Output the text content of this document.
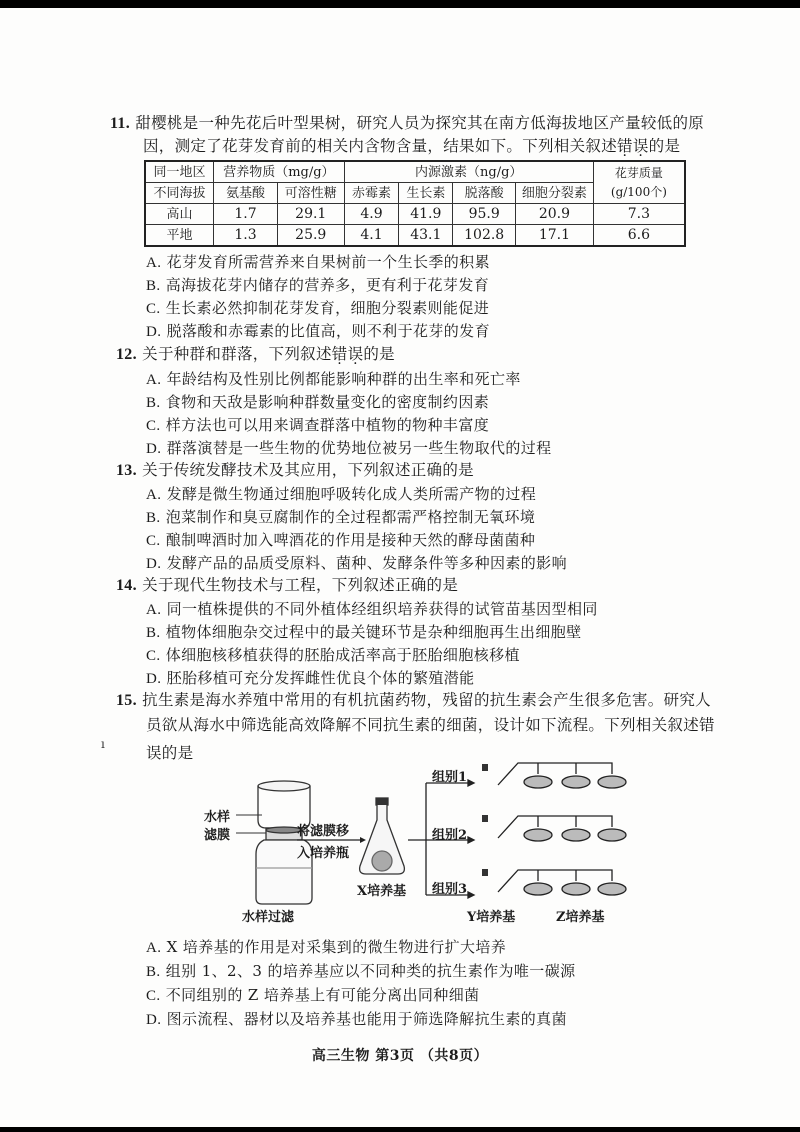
11. 甜樱桃是一种先花后叶型果树，研究人员为探究其在南方低海拔地区产量较低的原
因，测定了花芽发育前的相关内含物含量，结果如下。下列相关叙述错误的是
同一地区	营养物质（mg/g）		内源激素（ng/g）				花芽质量
(g/100个)

不同海拔	氨基酸	可溶性糖	赤霉素	生长素	脱落酸	细胞分裂素	
高山	1.7	29.1	4.9	41.9	95.9	20.9	7.3
平地	1.3	25.9	4.1	43.1	102.8	17.1	6.6
A. 花芽发育所需营养来自果树前一个生长季的积累
B. 高海拔花芽内储存的营养多，更有利于花芽发育
C. 生长素必然抑制花芽发育，细胞分裂素则能促进
D. 脱落酸和赤霉素的比值高，则不利于花芽的发育
12. 关于种群和群落，下列叙述错误的是
A. 年龄结构及性别比例都能影响种群的出生率和死亡率
B. 食物和天敌是影响种群数量变化的密度制约因素
C. 样方法也可以用来调查群落中植物的物种丰富度
D. 群落演替是一些生物的优势地位被另一些生物取代的过程
13. 关于传统发酵技术及其应用，下列叙述正确的是
A. 发酵是微生物通过细胞呼吸转化成人类所需产物的过程
B. 泡菜制作和臭豆腐制作的全过程都需严格控制无氧环境
C. 酿制啤酒时加入啤酒花的作用是接种天然的酵母菌菌种
D. 发酵产品的品质受原料、菌种、发酵条件等多种因素的影响
14. 关于现代生物技术与工程，下列叙述正确的是
A. 同一植株提供的不同外植体经组织培养获得的试管苗基因型相同
B. 植物体细胞杂交过程中的最关键环节是杂种细胞再生出细胞壁
C. 体细胞核移植获得的胚胎成活率高于胚胎细胞核移植
D. 胚胎移植可充分发挥雌性优良个体的繁殖潜能
15. 抗生素是海水养殖中常用的有机抗菌药物，残留的抗生素会产生很多危害。研究人
员欲从海水中筛选能高效降解不同抗生素的细菌，设计如下流程。下列相关叙述错
误的是
ı
水样
滤膜
水样过滤
将滤膜移
入培养瓶
X培养基
组别1
组别2
组别3
Y培养基	Z培养基
A. X 培养基的作用是对采集到的微生物进行扩大培养
B. 组别 1、2、3 的培养基应以不同种类的抗生素作为唯一碳源
C. 不同组别的 Z 培养基上有可能分离出同种细菌
D. 图示流程、器材以及培养基也能用于筛选降解抗生素的真菌
高三生物 第3页 （共8页）
